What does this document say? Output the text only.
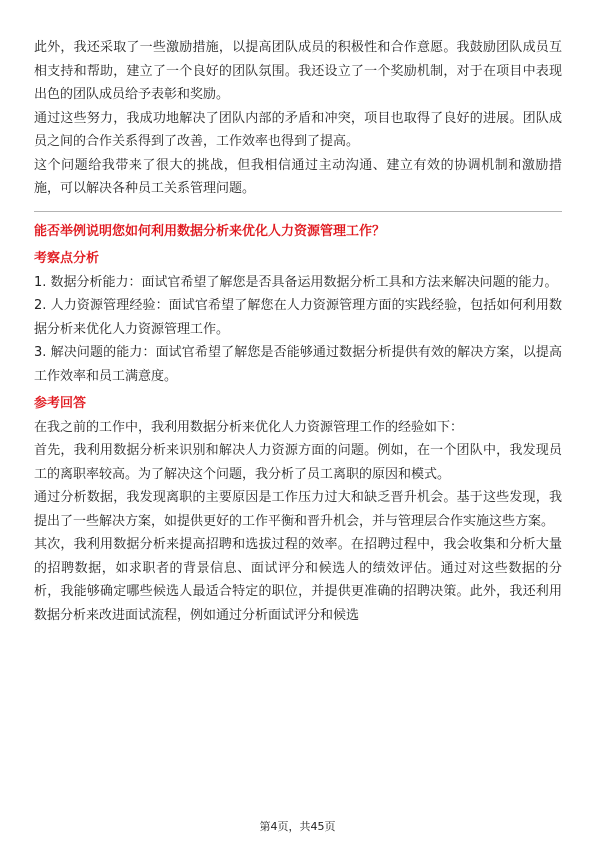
此外，我还采取了一些激励措施，以提高团队成员的积极性和合作意愿。我鼓励团队成员互相支持和帮助，建立了一个良好的团队氛围。我还设立了一个奖励机制，对于在项目中表现出色的团队成员给予表彰和奖励。

通过这些努力，我成功地解决了团队内部的矛盾和冲突，项目也取得了良好的进展。团队成员之间的合作关系得到了改善，工作效率也得到了提高。

这个问题给我带来了很大的挑战，但我相信通过主动沟通、建立有效的协调机制和激励措施，可以解决各种员工关系管理问题。

能否举例说明您如何利用数据分析来优化人力资源管理工作？

考察点分析

1. 数据分析能力：面试官希望了解您是否具备运用数据分析工具和方法来解决问题的能力。

2. 人力资源管理经验：面试官希望了解您在人力资源管理方面的实践经验，包括如何利用数据分析来优化人力资源管理工作。

3. 解决问题的能力：面试官希望了解您是否能够通过数据分析提供有效的解决方案，以提高工作效率和员工满意度。

参考回答

在我之前的工作中，我利用数据分析来优化人力资源管理工作的经验如下：

首先，我利用数据分析来识别和解决人力资源方面的问题。例如，在一个团队中，我发现员工的离职率较高。为了解决这个问题，我分析了员工离职的原因和模式。

通过分析数据，我发现离职的主要原因是工作压力过大和缺乏晋升机会。基于这些发现，我提出了一些解决方案，如提供更好的工作平衡和晋升机会，并与管理层合作实施这些方案。

其次，我利用数据分析来提高招聘和选拔过程的效率。在招聘过程中，我会收集和分析大量的招聘数据，如求职者的背景信息、面试评分和候选人的绩效评估。通过对这些数据的分析，我能够确定哪些候选人最适合特定的职位，并提供更准确的招聘决策。此外，我还利用数据分析来改进面试流程，例如通过分析面试评分和候选

第4页，共45页
